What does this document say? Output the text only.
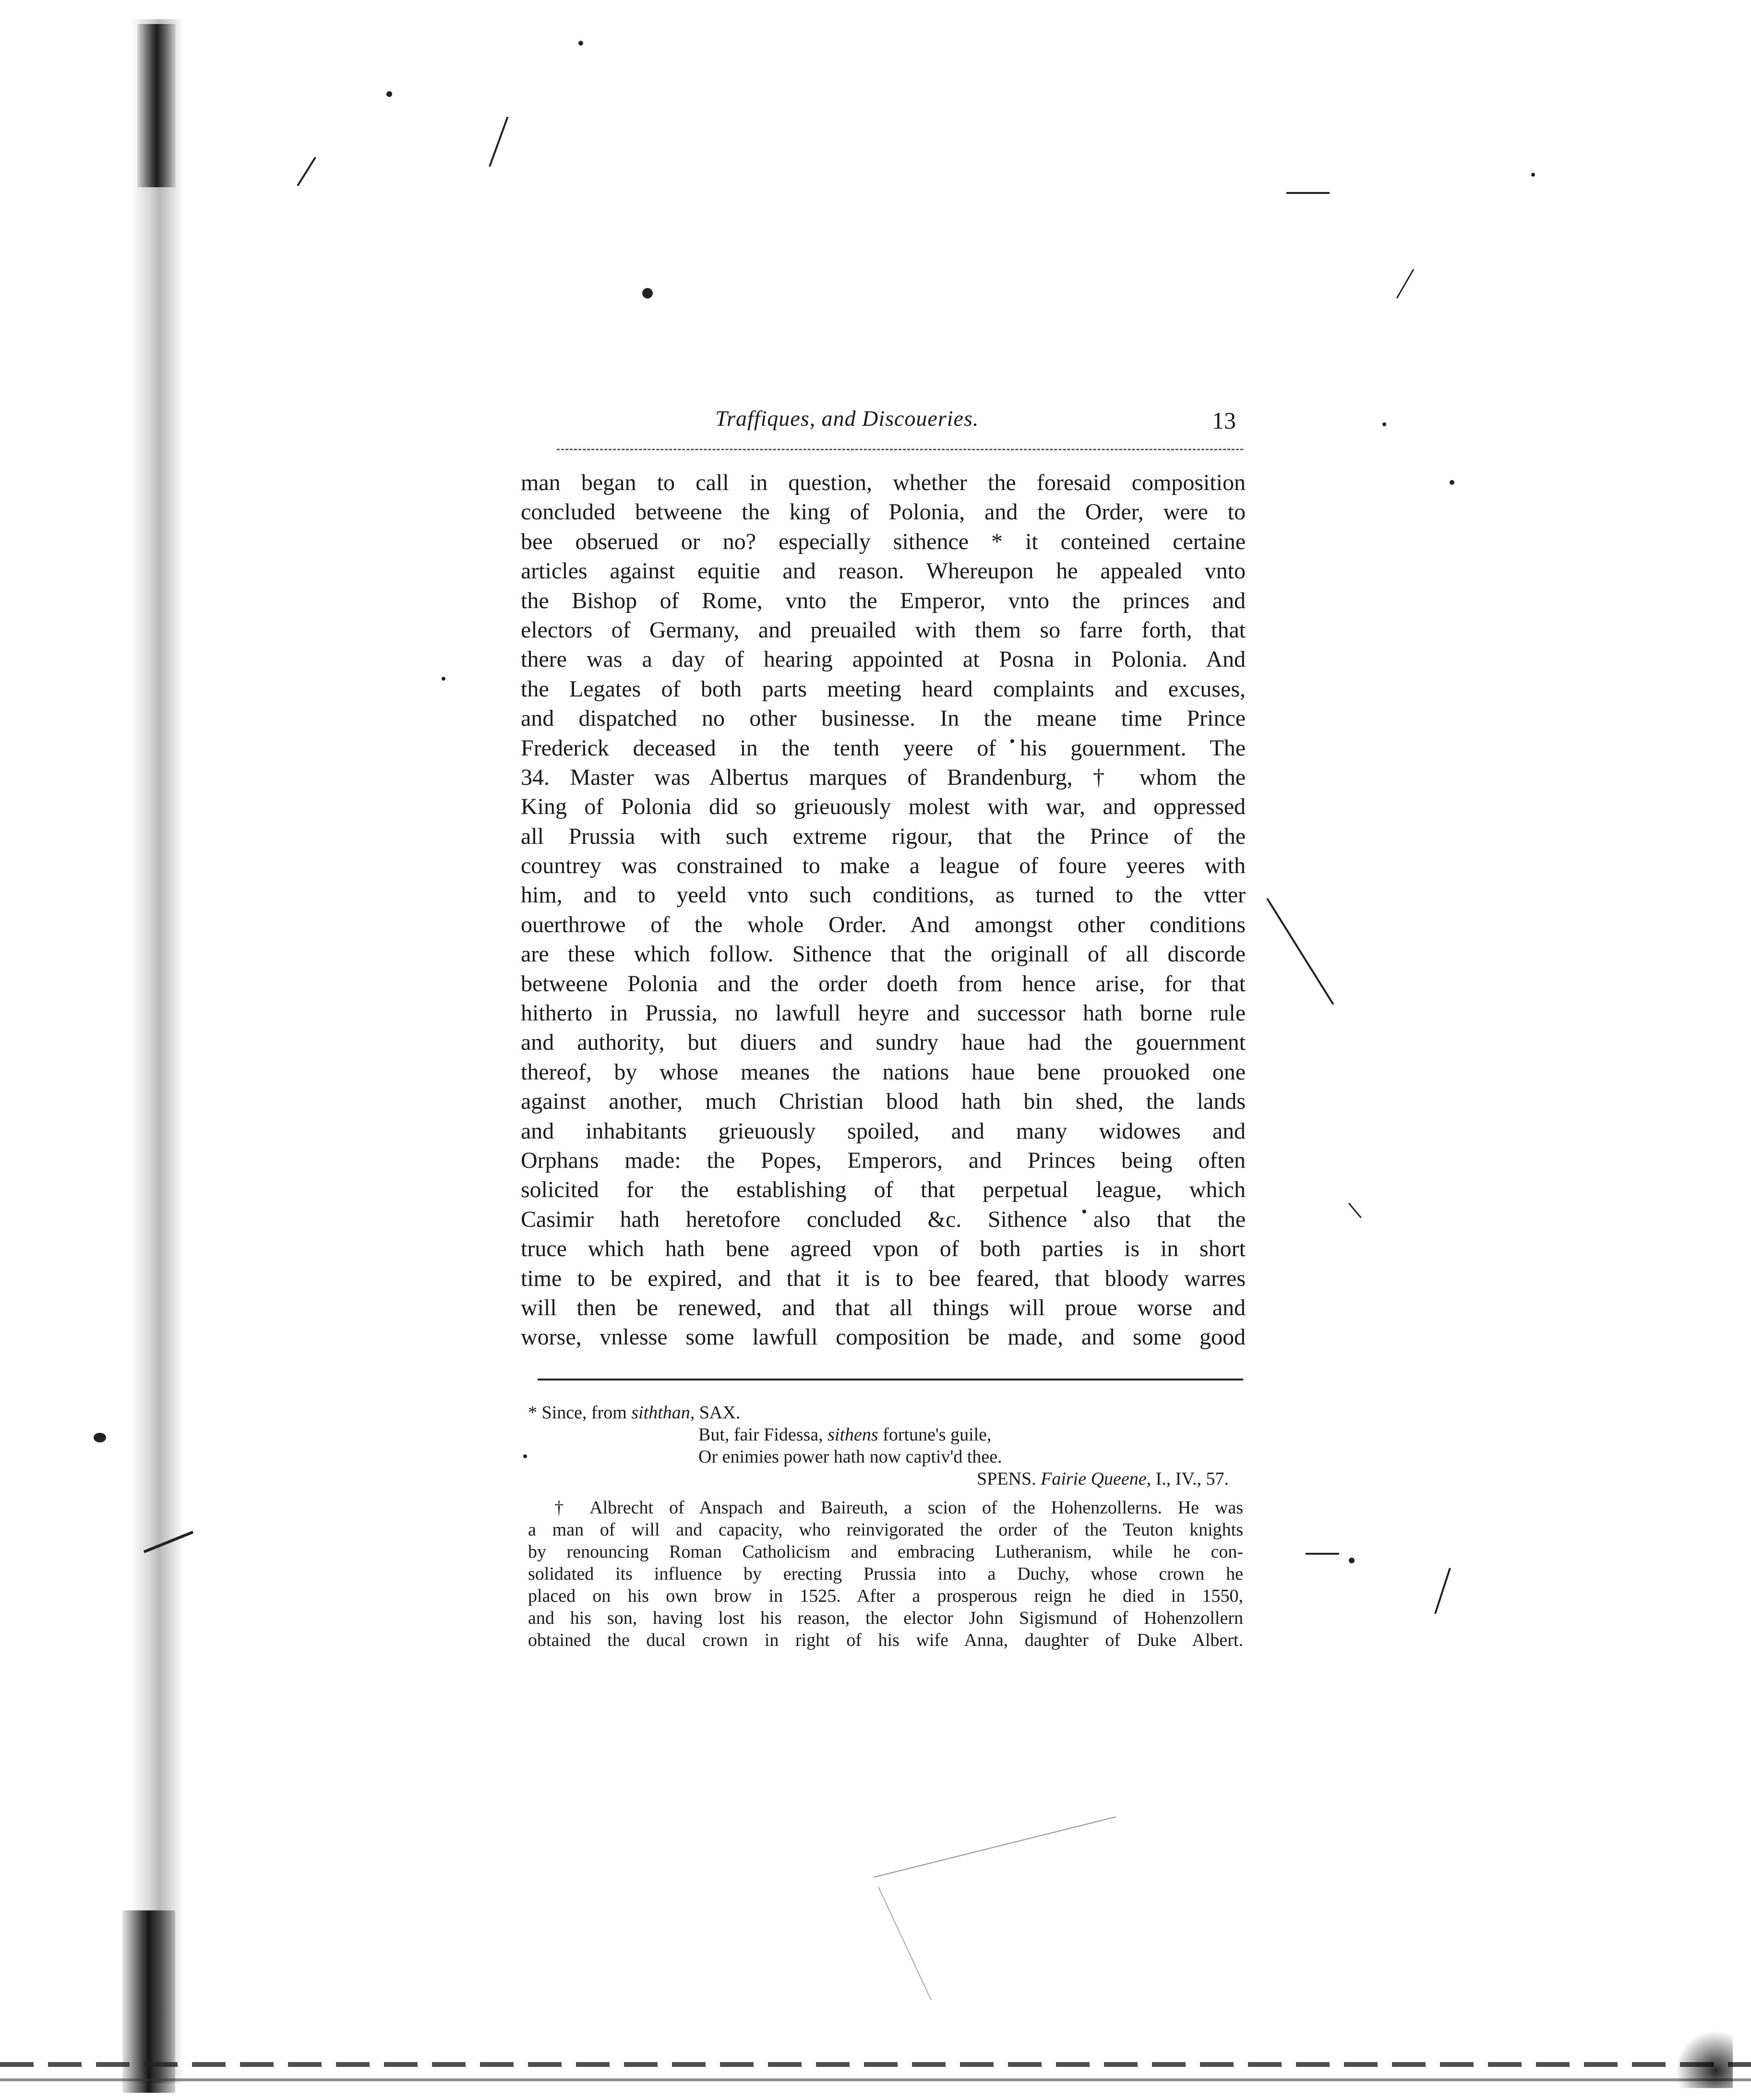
Traffiques, and Discoueries.	13
man began to call in question, whether the foresaid composition
concluded betweene the king of Polonia, and the Order, were to
bee obserued or no? especially sithence * it conteined certaine
articles against equitie and reason. Whereupon he appealed vnto
the Bishop of Rome, vnto the Emperor, vnto the princes and
electors of Germany, and preuailed with them so farre forth, that
there was a day of hearing appointed at Posna in Polonia. And
the Legates of both parts meeting heard complaints and excuses,
and dispatched no other businesse. In the meane time Prince
Frederick deceased in the tenth yeere of his gouernment. The
34. Master was Albertus marques of Brandenburg, † whom the
King of Polonia did so grieuously molest with war, and oppressed
all Prussia with such extreme rigour, that the Prince of the
countrey was constrained to make a league of foure yeeres with
him, and to yeeld vnto such conditions, as turned to the vtter
ouerthrowe of the whole Order. And amongst other conditions
are these which follow. Sithence that the originall of all discorde
betweene Polonia and the order doeth from hence arise, for that
hitherto in Prussia, no lawfull heyre and successor hath borne rule
and authority, but diuers and sundry haue had the gouernment
thereof, by whose meanes the nations haue bene prouoked one
against another, much Christian blood hath bin shed, the lands
and inhabitants grieuously spoiled, and many widowes and
Orphans made: the Popes, Emperors, and Princes being often
solicited for the establishing of that perpetual league, which
Casimir hath heretofore concluded &c. Sithence also that the
truce which hath bene agreed vpon of both parties is in short
time to be expired, and that it is to bee feared, that bloody warres
will then be renewed, and that all things will proue worse and
worse, vnlesse some lawfull composition be made, and some good
* Since, from siththan, SAX.
But, fair Fidessa, sithens fortune's guile,
Or enimies power hath now captiv'd thee.
SPENS. Fairie Queene, I., IV., 57.
† Albrecht of Anspach and Baireuth, a scion of the Hohenzollerns. He was
a man of will and capacity, who reinvigorated the order of the Teuton knights
by renouncing Roman Catholicism and embracing Lutheranism, while he con-
solidated its influence by erecting Prussia into a Duchy, whose crown he
placed on his own brow in 1525. After a prosperous reign he died in 1550,
and his son, having lost his reason, the elector John Sigismund of Hohenzollern
obtained the ducal crown in right of his wife Anna, daughter of Duke Albert.
